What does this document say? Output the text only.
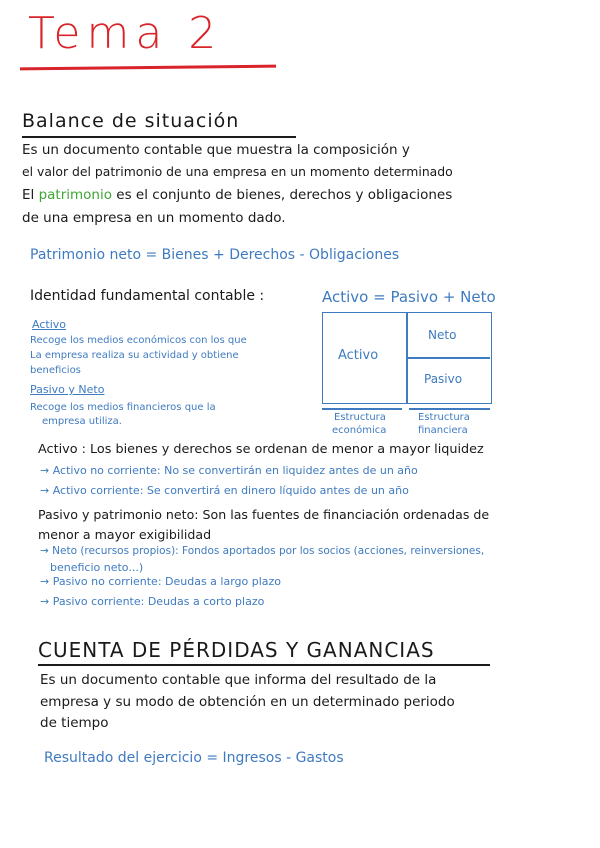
Tema 2
Balance de situación
Es un documento contable que muestra la composición y
el valor del patrimonio de una empresa en un momento determinado
El patrimonio es el conjunto de bienes, derechos y obligaciones
de una empresa en un momento dado.
Patrimonio neto = Bienes + Derechos - Obligaciones
Identidad fundamental contable :	Activo = Pasivo + Neto
Activo
Recoge los medios económicos con los que
La empresa realiza su actividad y obtiene
beneficios
Pasivo y Neto
Recoge los medios financieros que la
empresa utiliza.
Activo
Neto
Pasivo
Estructura
económica
Estructura
financiera
Activo : Los bienes y derechos se ordenan de menor a mayor liquidez
→ Activo no corriente: No se convertirán en liquidez antes de un año
→ Activo corriente: Se convertirá en dinero líquido antes de un año
Pasivo y patrimonio neto: Son las fuentes de financiación ordenadas de
menor a mayor exigibilidad
→ Neto (recursos propios): Fondos aportados por los socios (acciones, reinversiones,
beneficio neto...)
→ Pasivo no corriente: Deudas a largo plazo
→ Pasivo corriente: Deudas a corto plazo
CUENTA DE PÉRDIDAS Y GANANCIAS
Es un documento contable que informa del resultado de la
empresa y su modo de obtención en un determinado periodo
de tiempo
Resultado del ejercicio = Ingresos - Gastos
